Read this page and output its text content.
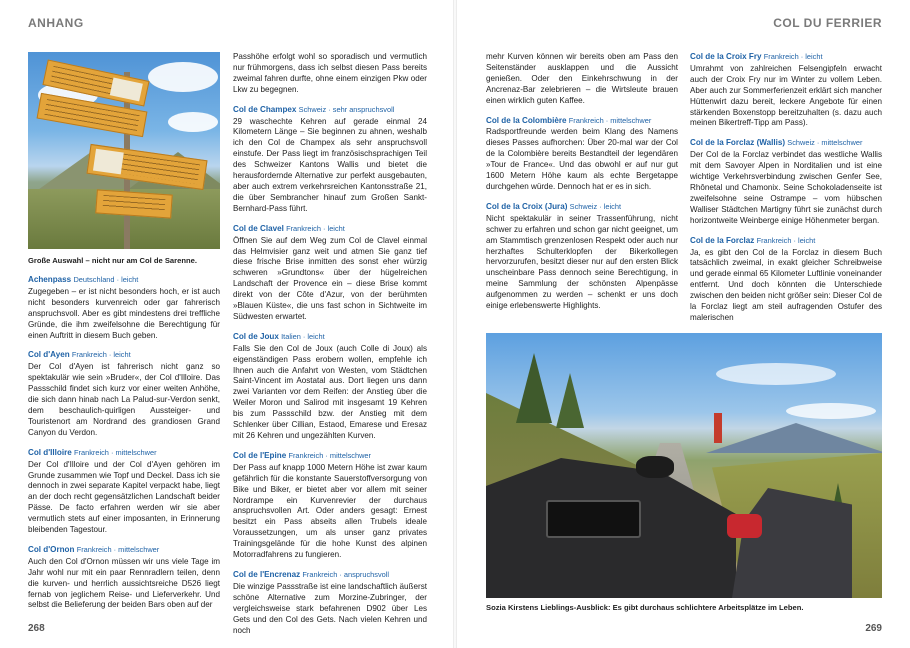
ANHANG
Große Auswahl – nicht nur am Col de Sarenne.

Achenpass Deutschland · leicht

Zugegeben – er ist nicht besonders hoch, er ist auch nicht besonders kurvenreich oder gar fahrerisch anspruchsvoll. Aber es gibt mindestens drei treffliche Gründe, die ihm zweifelsohne die Berechtigung für einen Auftritt in diesem Buch geben.

Col d'Ayen Frankreich · leicht

Der Col d'Ayen ist fahrerisch nicht ganz so spektakulär wie sein »Bruder«, der Col d'Illoire. Das Passschild findet sich kurz vor einer weiten Anhöhe, die sich dann hinab nach La Palud-sur-Verdon senkt, dem beschaulich-quirligen Aussteiger- und Touristenort am Nordrand des grandiosen Grand Canyon du Verdon.

Col d'Illoire Frankreich · mittelschwer

Der Col d'Illoire und der Col d'Ayen gehören im Grunde zusammen wie Topf und Deckel. Dass ich sie dennoch in zwei separate Kapitel verpackt habe, liegt an der doch recht gegensätzlichen Landschaft beider Pässe. De facto erfahren werden wir sie aber vermutlich stets auf einer imposanten, in Erinnerung bleibenden Tagestour.

Col d'Ornon Frankreich · mittelschwer

Auch den Col d'Ornon müssen wir uns viele Tage im Jahr wohl nur mit ein paar Rennradlern teilen, denn die kurven- und herrlich aussichtsreiche D526 liegt fernab von jeglichem Reise- und Lieferverkehr. Und selbst die Belieferung der beiden Bars oben auf der

Passhöhe erfolgt wohl so sporadisch und vermutlich nur frühmorgens, dass ich selbst diesen Pass bereits zweimal fahren durfte, ohne einem einzigen Pkw oder Lkw zu begegnen.

Col de Champex Schweiz · sehr anspruchsvoll

29 waschechte Kehren auf gerade einmal 24 Kilometern Länge – Sie beginnen zu ahnen, weshalb ich den Col de Champex als sehr anspruchsvoll einstufe. Der Pass liegt im französischsprachigen Teil des Schweizer Kantons Wallis und bietet die herausfordernde Alternative zur perfekt ausgebauten, aber auch extrem verkehrsreichen Kantonsstraße 21, die über Sembrancher hinauf zum Großen Sankt-Bernhard-Pass führt.

Col de Clavel Frankreich · leicht

Öffnen Sie auf dem Weg zum Col de Clavel einmal das Helmvisier ganz weit und atmen Sie ganz tief diese frische Brise inmitten des sonst eher würzig schweren »Grundtons« über der hügelreichen Landschaft der Provence ein – diese Brise kommt direkt von der Côte d'Azur, von der berühmten »Blauen Küste«, die uns fast schon in Sichtweite im Südwesten erwartet.

Col de Joux Italien · leicht

Falls Sie den Col de Joux (auch Colle di Joux) als eigenständigen Pass erobern wollen, empfehle ich Ihnen auch die Anfahrt von Westen, vom Städtchen Saint-Vincent im Aostatal aus. Dort liegen uns dann zwei Varianten vor dem Reifen: der Anstieg über die Weiler Moron und Salirod mit insgesamt 19 Kehren bis zum Passschild bzw. der Anstieg mit dem Schlenker über Cillian, Estaod, Emarese und Eresaz mit 26 Kehren und ungezählten Kurven.

Col de l'Epine Frankreich · mittelschwer

Der Pass auf knapp 1000 Metern Höhe ist zwar kaum gefährlich für die konstante Sauerstoffversorgung von Bike und Biker, er bietet aber vor allem mit seiner Nordrampe ein Kurvenrevier der durchaus anspruchsvollen Art. Oder anders gesagt: Ernest besitzt ein Pass abseits allen Trubels ideale Voraussetzungen, um als unser ganz privates Trainingsgelände für die hohe Kunst des alpinen Motorradfahrens zu fungieren.

Col de l'Encrenaz Frankreich · anspruchsvoll

Die winzige Passstraße ist eine landschaftlich äußerst schöne Alternative zum Morzine-Zubringer, der vergleichsweise stark befahrenen D902 über Les Gets und den Col des Gets. Nach vielen Kehren und noch

268
COL DU FERRIER

mehr Kurven können wir bereits oben am Pass den Seitenständer ausklappen und die Aussicht genießen. Oder den Einkehrschwung in der Ancrenaz-Bar zelebrieren – die Wirtsleute brauen einen wirklich guten Kaffee.

Col de la Colombière Frankreich · mittelschwer

Radsportfreunde werden beim Klang des Namens dieses Passes aufhorchen: Über 20-mal war der Col de la Colombière bereits Bestandteil der legendären »Tour de France«. Und das obwohl er auf nur gut 1600 Metern Höhe kaum als echte Bergetappe durchgehen würde. Dennoch hat er es in sich.

Col de la Croix (Jura) Schweiz · leicht

Nicht spektakulär in seiner Trassenführung, nicht schwer zu erfahren und schon gar nicht geeignet, um am Stammtisch grenzenlosen Respekt oder auch nur herzhaftes Schulterklopfen der Bikerkollegen hervorzurufen, besitzt dieser nur auf den ersten Blick unscheinbare Pass dennoch seine Berechtigung, in meine Sammlung der schönsten Alpenpässe aufgenommen zu werden – schenkt er uns doch einige erlebenswerte Highlights.

Col de la Croix Fry Frankreich · leicht

Umrahmt von zahlreichen Felsengipfeln erwacht auch der Croix Fry nur im Winter zu vollem Leben. Aber auch zur Sommerferienzeit erklärt sich mancher Hüttenwirt dazu bereit, leckere Angebote für einen stärkenden Boxenstopp bereitzuhalten (s. dazu auch meinen Bikertreff-Tipp am Pass).

Col de la Forclaz (Wallis) Schweiz · mittelschwer

Der Col de la Forclaz verbindet das westliche Wallis mit dem Savoyer Alpen in Norditalien und ist eine wichtige Verkehrsverbindung zwischen Genfer See, Rhônetal und Chamonix. Seine Schokoladenseite ist zweifelsohne seine Ostrampe – vom hübschen Walliser Städtchen Martigny führt sie zunächst durch horizontweite Weinberge einige Höhenmeter bergan.

Col de la Forclaz Frankreich · leicht

Ja, es gibt den Col de la Forclaz in diesem Buch tatsächlich zweimal, in exakt gleicher Schreibweise und gerade einmal 65 Kilometer Luftlinie voneinander entfernt. Und doch könnten die Unterschiede zwischen den beiden nicht größer sein: Dieser Col de la Forclaz liegt am steil aufragenden Ostufer des malerischen

269
Sozia Kirstens Lieblings-Ausblick: Es gibt durchaus schlichtere Arbeitsplätze im Leben.
